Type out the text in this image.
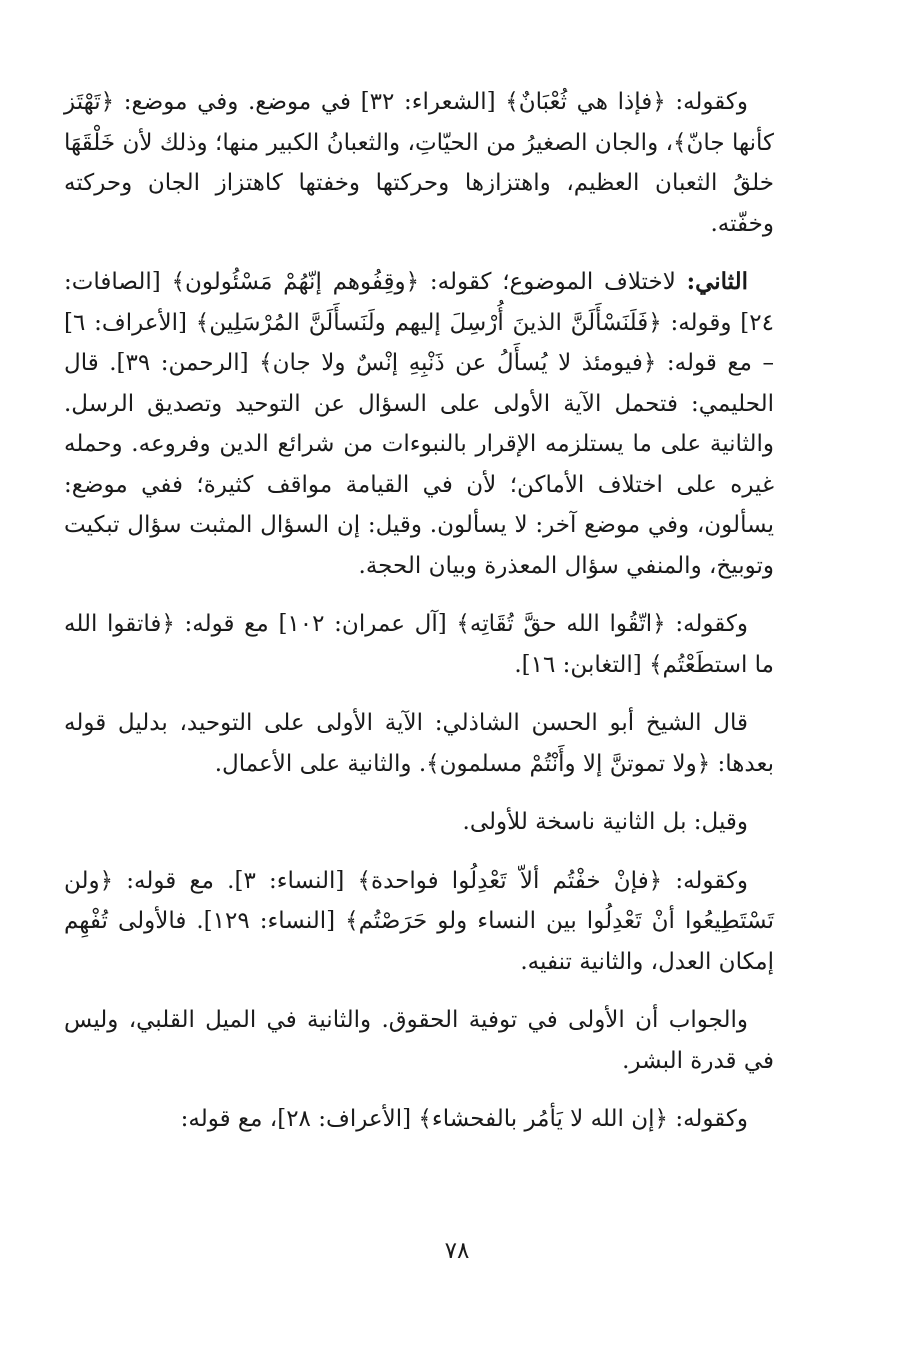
وكقوله: ﴿فإذا هي ثُعْبَانٌ﴾ [الشعراء: ٣٢] في موضع. وفي موضع: ﴿تَهْتَز كأنها جانّ﴾، والجان الصغيرُ من الحيّاتِ، والثعبانُ الكبير منها؛ وذلك لأن خَلْقَهَا خلقُ الثعبان العظيم، واهتزازها وحركتها وخفتها كاهتزاز الجان وحركته وخفّته.

الثاني: لاختلاف الموضوع؛ كقوله: ﴿وقِفُوهم إنّهُمْ مَسْئُولون﴾ [الصافات: ٢٤] وقوله: ﴿فَلَنَسْأَلَنَّ الذينَ أُرْسِلَ إليهم ولَنَسأَلَنَّ المُرْسَلِين﴾ [الأعراف: ٦] – مع قوله: ﴿فيومئذ لا يُسأَلُ عن ذَنْبِهِ إنْسٌ ولا جان﴾ [الرحمن: ٣٩]. قال الحليمي: فتحمل الآية الأولى على السؤال عن التوحيد وتصديق الرسل. والثانية على ما يستلزمه الإقرار بالنبوءات من شرائع الدين وفروعه. وحمله غيره على اختلاف الأماكن؛ لأن في القيامة مواقف كثيرة؛ ففي موضع: يسألون، وفي موضع آخر: لا يسألون. وقيل: إن السؤال المثبت سؤال تبكيت وتوبيخ، والمنفي سؤال المعذرة وبيان الحجة.

وكقوله: ﴿اتّقُوا الله حقَّ تُقَاتِه﴾ [آل عمران: ١٠٢] مع قوله: ﴿فاتقوا الله ما استطَعْتُم﴾ [التغابن: ١٦].

قال الشيخ أبو الحسن الشاذلي: الآية الأولى على التوحيد، بدليل قوله بعدها: ﴿ولا تموتنَّ إلا وأَنْتُمْ مسلمون﴾. والثانية على الأعمال.

وقيل: بل الثانية ناسخة للأولى.

وكقوله: ﴿فإنْ خفْتُم ألاّ تَعْدِلُوا فواحدة﴾ [النساء: ٣]. مع قوله: ﴿ولن تَسْتَطِيعُوا أنْ تَعْدِلُوا بين النساء ولو حَرَصْتُم﴾ [النساء: ١٢٩]. فالأولى تُفْهِم إمكان العدل، والثانية تنفيه.

والجواب أن الأولى في توفية الحقوق. والثانية في الميل القلبي، وليس في قدرة البشر.

وكقوله: ﴿إن الله لا يَأمُر بالفحشاء﴾ [الأعراف: ٢٨]، مع قوله:

٧٨
